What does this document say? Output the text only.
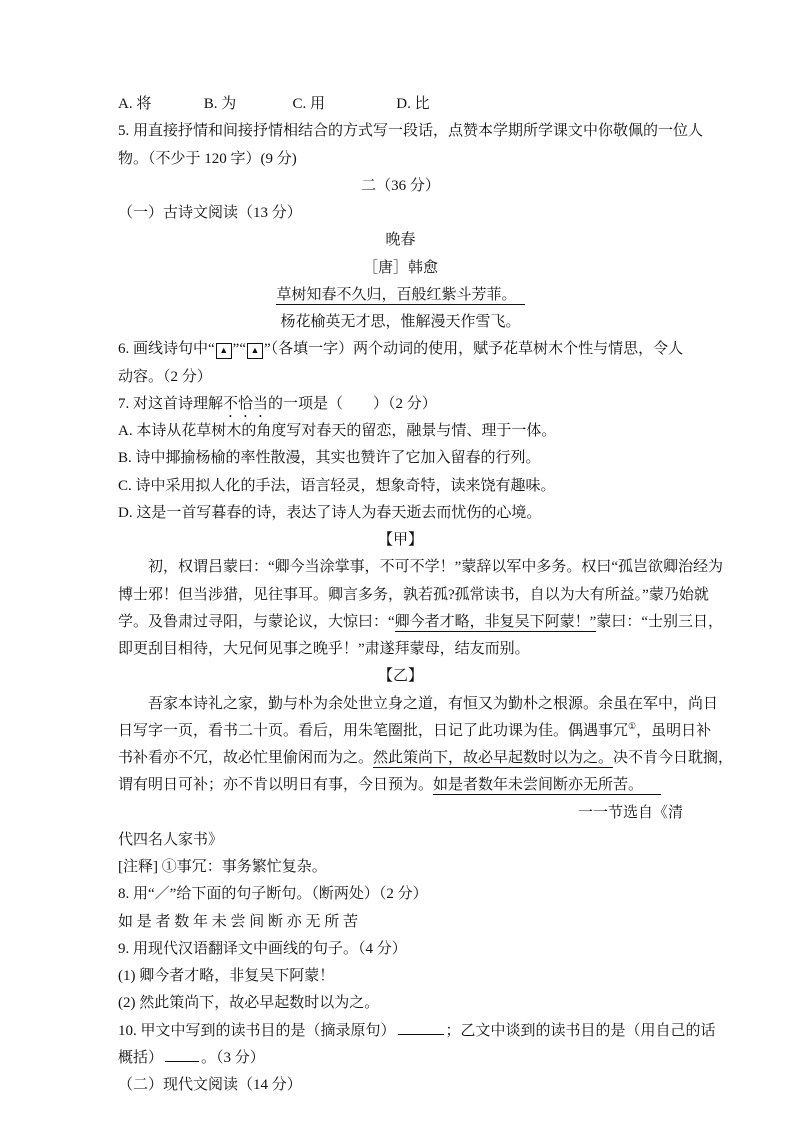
A. 将	B. 为	C. 用	D. 比
5. 用直接抒情和间接抒情相结合的方式写一段话，点赞本学期所学课文中你敬佩的一位人
物。（不少于 120 字）(9 分)
二（36 分）
（一）古诗文阅读（13 分）
晚春
［唐］韩愈
草树知春不久归，百般红紫斗芳菲。
杨花榆英无才思，惟解漫天作雪飞。
6. 画线诗句中“ ▲ ”“ ▲ ”（各填一字）两个动词的使用，赋予花草树木个性与情思，令人
动容。（2 分）
7. 对这首诗理解不恰当的一项是（　　）（2 分）
A. 本诗从花草树木的角度写对春天的留恋，融景与情、理于一体。
B. 诗中揶揄杨榆的率性散漫，其实也赞许了它加入留春的行列。
C. 诗中采用拟人化的手法，语言轻灵，想象奇特，读来饶有趣味。
D. 这是一首写暮春的诗，表达了诗人为春天逝去而忧伤的心境。
【甲】
初，权谓吕蒙曰：“卿今当涂掌事，不可不学！”蒙辞以军中多务。权曰“孤岂欲卿治经为
博士邪！但当涉猎，见往事耳。卿言多务，孰若孤?孤常读书，自以为大有所益。”蒙乃始就
学。及鲁肃过寻阳，与蒙论议，大惊曰：“卿今者才略，非复吴下阿蒙！”蒙曰：“士别三日，
即更刮目相待，大兄何见事之晚乎！”肃遂拜蒙母，结友而别。
【乙】
吾家本诗礼之家，勤与朴为余处世立身之道，有恒又为勤朴之根源。余虽在军中，尚日
日写字一页，看书二十页。看后，用朱笔圈批，日记了此功课为佳。偶遇事冗①，虽明日补
书补看亦不冗，故必忙里偷闲而为之。然此策尚下，故必早起数时以为之。决不肯今日耽搁，
谓有明日可补；亦不肯以明日有事，今日预为。如是者数年未尝间断亦无所苦。
一一节选自《清
代四名人家书》
[注释] ①事冗：事务繁忙复杂。
8. 用“／”给下面的句子断句。（断两处）（2 分）
如 是 者 数 年 未 尝 间 断 亦 无 所 苦
9. 用现代汉语翻译文中画线的句子。（4 分）
(1) 卿今者才略，非复吴下阿蒙！
(2) 然此策尚下，故必早起数时以为之。
10. 甲文中写到的读书目的是（摘录原句）	；乙文中谈到的读书目的是（用自己的话
概括）	。（3 分）
（二）现代文阅读（14 分）
